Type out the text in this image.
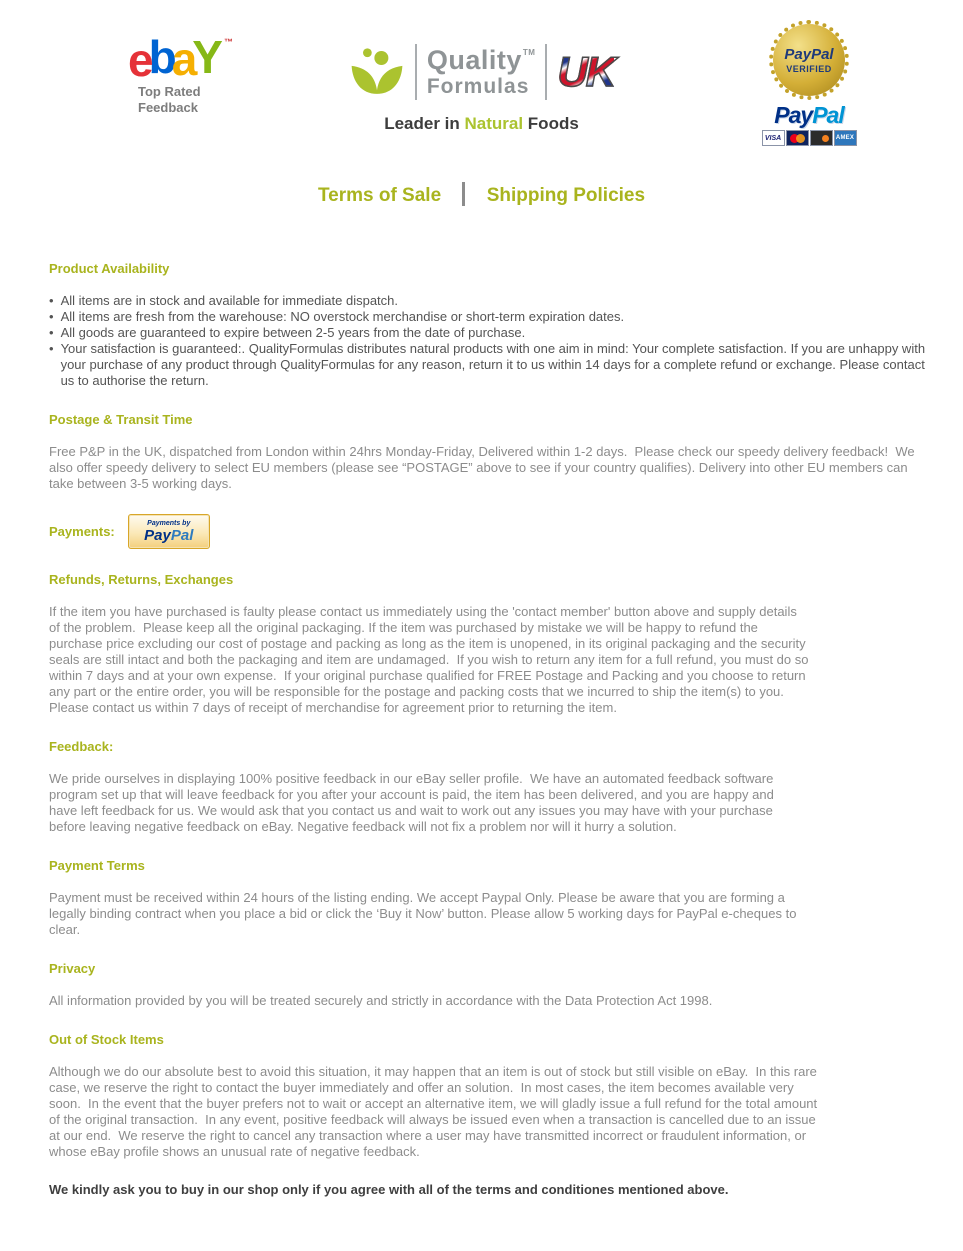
ebaY ™
Top Rated
Feedback
Quality™
Formulas UK
Leader in Natural Foods
PayPal
VERIFIED
PayPal
VISA	AMEX
Terms of Sale Shipping Policies
Product Availability
• All items are in stock and available for immediate dispatch.
• All items are fresh from the warehouse: NO overstock merchandise or short-term expiration dates.
• All goods are guaranteed to expire between 2-5 years from the date of purchase.
• Your satisfaction is guaranteed:. QualityFormulas distributes natural products with one aim in mind: Your complete satisfaction. If you are unhappy with your purchase of any product through QualityFormulas for any reason, return it to us within 14 days for a complete refund or exchange. Please contact us to authorise the return.
Postage & Transit Time

Free P&P in the UK, dispatched from London within 24hrs Monday-Friday, Delivered within 1-2 days.  Please check our speedy delivery feedback!  We also offer speedy delivery to select EU members (please see “POSTAGE” above to see if your country qualifies). Delivery into other EU members can take between 3-5 working days.

Payments:	Payments by
PayPal
Refunds, Returns, Exchanges

If the item you have purchased is faulty please contact us immediately using the 'contact member' button above and supply details of the problem.  Please keep all the original packaging. If the item was purchased by mistake we will be happy to refund the purchase price excluding our cost of postage and packing as long as the item is unopened, in its original packaging and the security seals are still intact and both the packaging and item are undamaged.  If you wish to return any item for a full refund, you must do so within 7 days and at your own expense.  If your original purchase qualified for FREE Postage and Packing and you choose to return any part or the entire order, you will be responsible for the postage and packing costs that we incurred to ship the item(s) to you.  Please contact us within 7 days of receipt of merchandise for agreement prior to returning the item.

Feedback:

We pride ourselves in displaying 100% positive feedback in our eBay seller profile.  We have an automated feedback software program set up that will leave feedback for you after your account is paid, the item has been delivered, and you are happy and have left feedback for us. We would ask that you contact us and wait to work out any issues you may have with your purchase before leaving negative feedback on eBay. Negative feedback will not fix a problem nor will it hurry a solution.

Payment Terms

Payment must be received within 24 hours of the listing ending. We accept Paypal Only. Please be aware that you are forming a legally binding contract when you place a bid or click the ‘Buy it Now’ button. Please allow 5 working days for PayPal e-cheques to clear.

Privacy

All information provided by you will be treated securely and strictly in accordance with the Data Protection Act 1998.

Out of Stock Items

Although we do our absolute best to avoid this situation, it may happen that an item is out of stock but still visible on eBay.  In this rare case, we reserve the right to contact the buyer immediately and offer an solution.  In most cases, the item becomes available very soon.  In the event that the buyer prefers not to wait or accept an alternative item, we will gladly issue a full refund for the total amount of the original transaction.  In any event, positive feedback will always be issued even when a transaction is cancelled due to an issue at our end.  We reserve the right to cancel any transaction where a user may have transmitted incorrect or fraudulent information, or whose eBay profile shows an unusual rate of negative feedback.

We kindly ask you to buy in our shop only if you agree with all of the terms and conditiones mentioned above.
